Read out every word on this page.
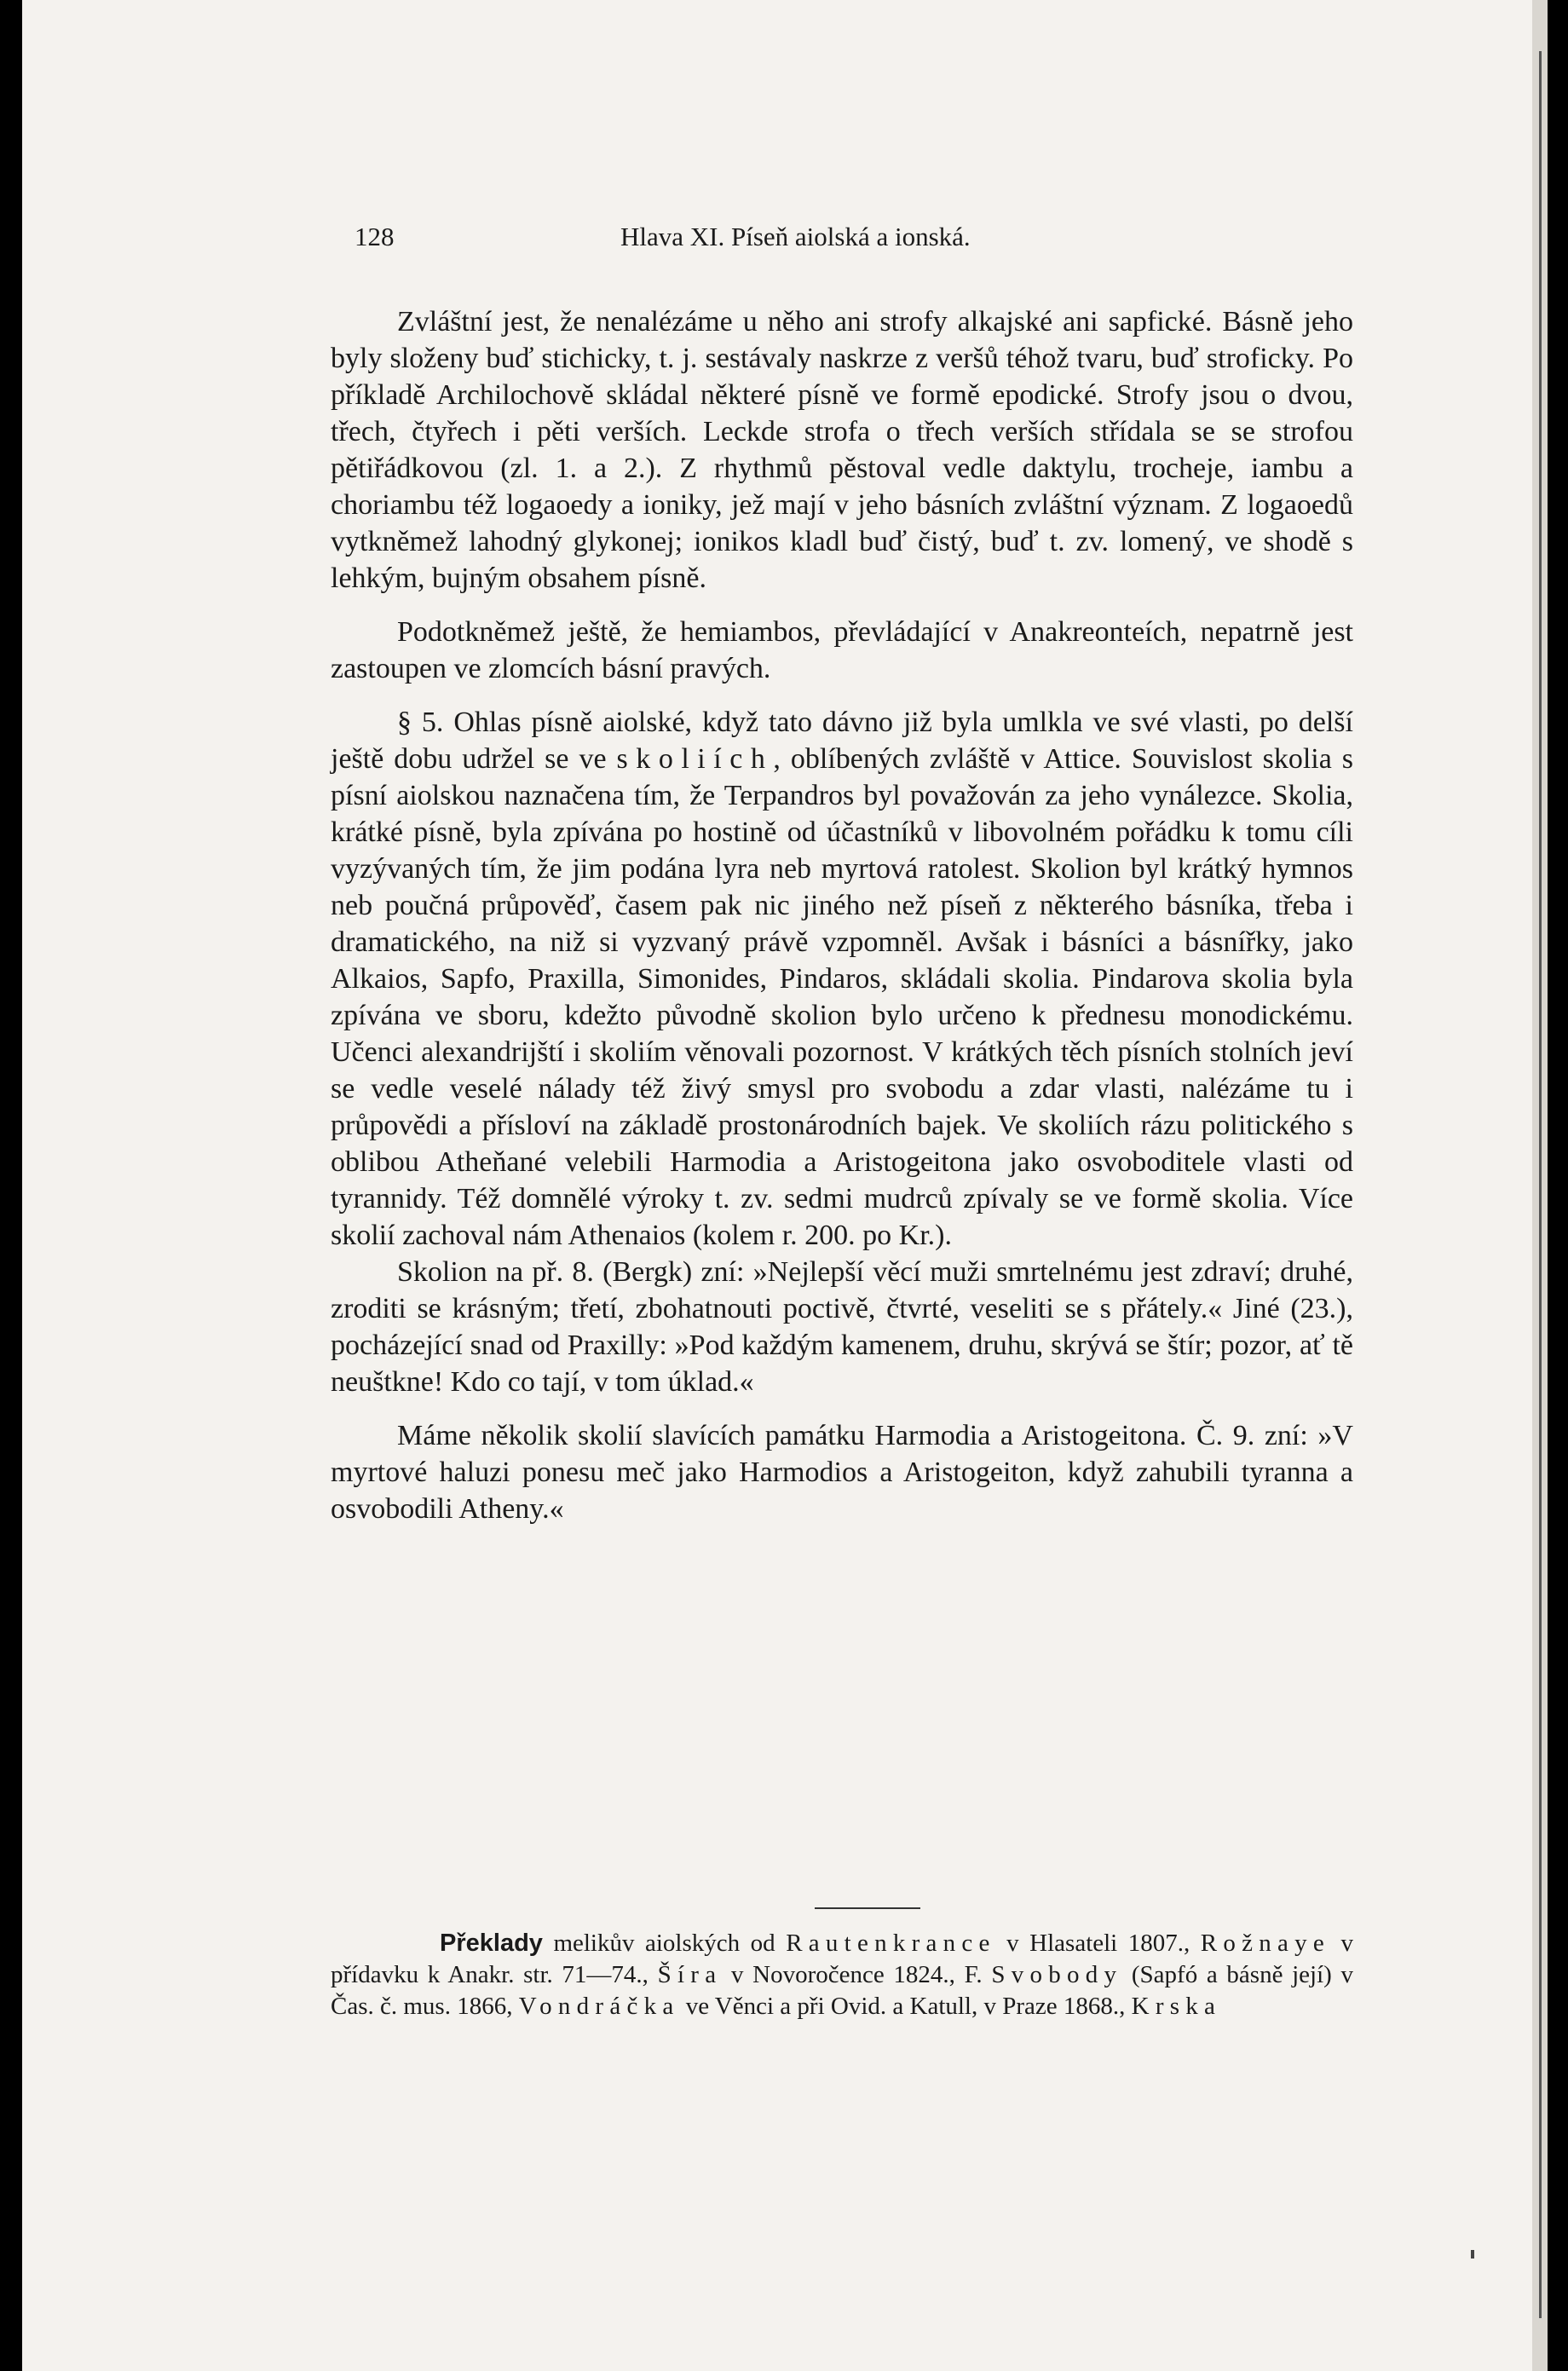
128	Hlava XI. Píseň aiolská a ionská.

Zvláštní jest, že nenalézáme u něho ani strofy alkajské ani sapfické. Básně jeho byly složeny buď stichicky, t. j. sestávaly naskrze z veršů téhož tvaru, buď stroficky. Po příkladě Archilochově skládal některé písně ve formě epodické. Strofy jsou o dvou, třech, čtyřech i pěti verších. Leckde strofa o třech verších střídala se se strofou pětiřádkovou (zl. 1. a 2.). Z rhythmů pěstoval vedle daktylu, trocheje, iambu a choriambu též logaoedy a ioniky, jež mají v jeho básních zvláštní význam. Z logaoedů vytkněmež lahodný glykonej; ionikos kladl buď čistý, buď t. zv. lomený, ve shodě s lehkým, bujným obsahem písně.

Podotkněmež ještě, že hemiambos, převládající v Anakreonteích, nepatrně jest zastoupen ve zlomcích básní pravých.

§ 5. Ohlas písně aiolské, když tato dávno již byla umlkla ve své vlasti, po delší ještě dobu udržel se ve skoliích, oblíbených zvláště v Attice. Souvislost skolia s písní aiolskou naznačena tím, že Terpandros byl považován za jeho vynálezce. Skolia, krátké písně, byla zpívána po hostině od účastníků v libovolném pořádku k tomu cíli vyzývaných tím, že jim podána lyra neb myrtová ratolest. Skolion byl krátký hymnos neb poučná průpověď, časem pak nic jiného než píseň z některého básníka, třeba i dramatického, na niž si vyzvaný právě vzpomněl. Avšak i básníci a básnířky, jako Alkaios, Sapfo, Praxilla, Simonides, Pindaros, skládali skolia. Pindarova skolia byla zpívána ve sboru, kdežto původně skolion bylo určeno k přednesu monodickému. Učenci alexandrijští i skoliím věnovali pozornost. V krátkých těch písních stolních jeví se vedle veselé nálady též živý smysl pro svobodu a zdar vlasti, nalézáme tu i průpovědi a přísloví na základě prostonárodních bajek. Ve skoliích rázu politického s oblibou Atheňané velebili Harmodia a Aristogeitona jako osvoboditele vlasti od tyrannidy. Též domnělé výroky t. zv. sedmi mudrců zpívaly se ve formě skolia. Více skolií zachoval nám Athenaios (kolem r. 200. po Kr.).

Skolion na př. 8. (Bergk) zní: »Nejlepší věcí muži smrtelnému jest zdraví; druhé, zroditi se krásným; třetí, zbohatnouti poctivě, čtvrté, veseliti se s přátely.« Jiné (23.), pocházející snad od Praxilly: »Pod každým kamenem, druhu, skrývá se štír; pozor, ať tě neuštkne! Kdo co tají, v tom úklad.«

Máme několik skolií slavících památku Harmodia a Aristogeitona. Č. 9. zní: »V myrtové haluzi ponesu meč jako Harmodios a Aristogeiton, když zahubili tyranna a osvobodili Atheny.«

Překlady melikův aiolských od Rautenkrance v Hlasateli 1807., Rožnaye v přídavku k Anakr. str. 71—74., Šíra v Novoročence 1824., F. Svobody (Sapfó a básně její) v Čas. č. mus. 1866, Vondráčka ve Věnci a při Ovid. a Katull, v Praze 1868., Krska
